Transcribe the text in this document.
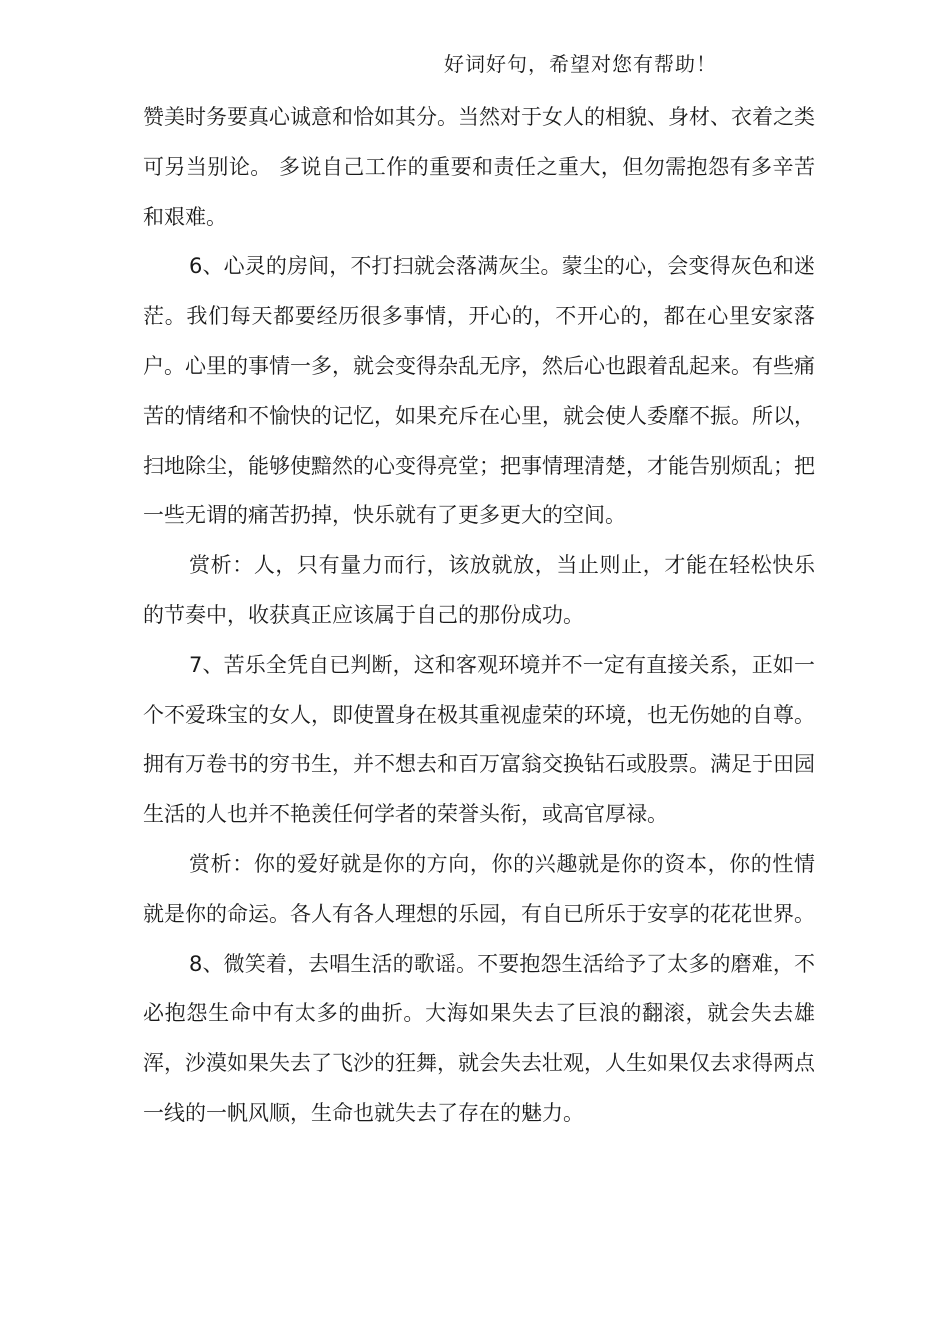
好词好句，希望对您有帮助！

赞美时务要真心诚意和恰如其分。当然对于女人的相貌、身材、衣着之类可另当别论。 多说自己工作的重要和责任之重大，但勿需抱怨有多辛苦和艰难。

6、心灵的房间，不打扫就会落满灰尘。蒙尘的心，会变得灰色和迷茫。我们每天都要经历很多事情，开心的，不开心的，都在心里安家落户。心里的事情一多，就会变得杂乱无序，然后心也跟着乱起来。有些痛苦的情绪和不愉快的记忆，如果充斥在心里，就会使人委靡不振。所以，扫地除尘，能够使黯然的心变得亮堂；把事情理清楚，才能告别烦乱；把一些无谓的痛苦扔掉，快乐就有了更多更大的空间。

赏析：人，只有量力而行，该放就放，当止则止，才能在轻松快乐的节奏中，收获真正应该属于自己的那份成功。

7、苦乐全凭自已判断，这和客观环境并不一定有直接关系，正如一个不爱珠宝的女人，即使置身在极其重视虚荣的环境，也无伤她的自尊。拥有万卷书的穷书生，并不想去和百万富翁交换钻石或股票。满足于田园生活的人也并不艳羡任何学者的荣誉头衔，或高官厚禄。

赏析：你的爱好就是你的方向，你的兴趣就是你的资本，你的性情就是你的命运。各人有各人理想的乐园，有自已所乐于安享的花花世界。

8、微笑着，去唱生活的歌谣。不要抱怨生活给予了太多的磨难，不必抱怨生命中有太多的曲折。大海如果失去了巨浪的翻滚，就会失去雄浑，沙漠如果失去了飞沙的狂舞，就会失去壮观，人生如果仅去求得两点一线的一帆风顺，生命也就失去了存在的魅力。
